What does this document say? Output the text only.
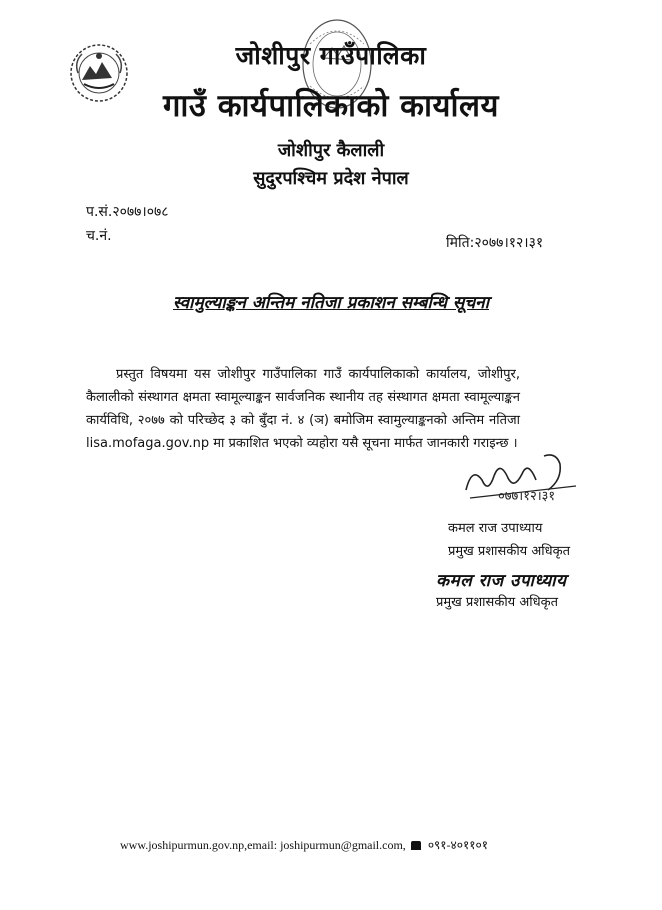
जोशीपुर गाउँपालिका
गाउँ कार्यपालिकाको कार्यालय
जोशीपुर कैलाली
सुदुरपश्चिम प्रदेश नेपाल
प.सं.२०७७।०७८
च.नं.	मिति:२०७७।१२।३१
स्वामुल्याङ्कन अन्तिम नतिजा प्रकाशन सम्बन्धि सूचना
प्रस्तुत विषयमा यस जोशीपुर गाउँपालिका गाउँ कार्यपालिकाको कार्यालय, जोशीपुर, कैलालीको संस्थागत क्षमता स्वामूल्याङ्कन सार्वजनिक स्थानीय तह संस्थागत क्षमता स्वामूल्याङ्कन कार्यविधि, २०७७ को परिच्छेद ३ को बुँदा नं. ४ (ञ) बमोजिम स्वामुल्याङ्कनको अन्तिम नतिजा lisa.mofaga.gov.np मा प्रकाशित भएको व्यहोरा यसै सूचना मार्फत जानकारी गराइन्छ ।
०७७।१२।३१
कमल राज उपाध्याय
प्रमुख प्रशासकीय अधिकृत
कमल राज उपाध्याय
प्रमुख प्रशासकीय अधिकृत
www.joshipurmun.gov.np,email: joshipurmun@gmail.com, ०९१-४०११०१
